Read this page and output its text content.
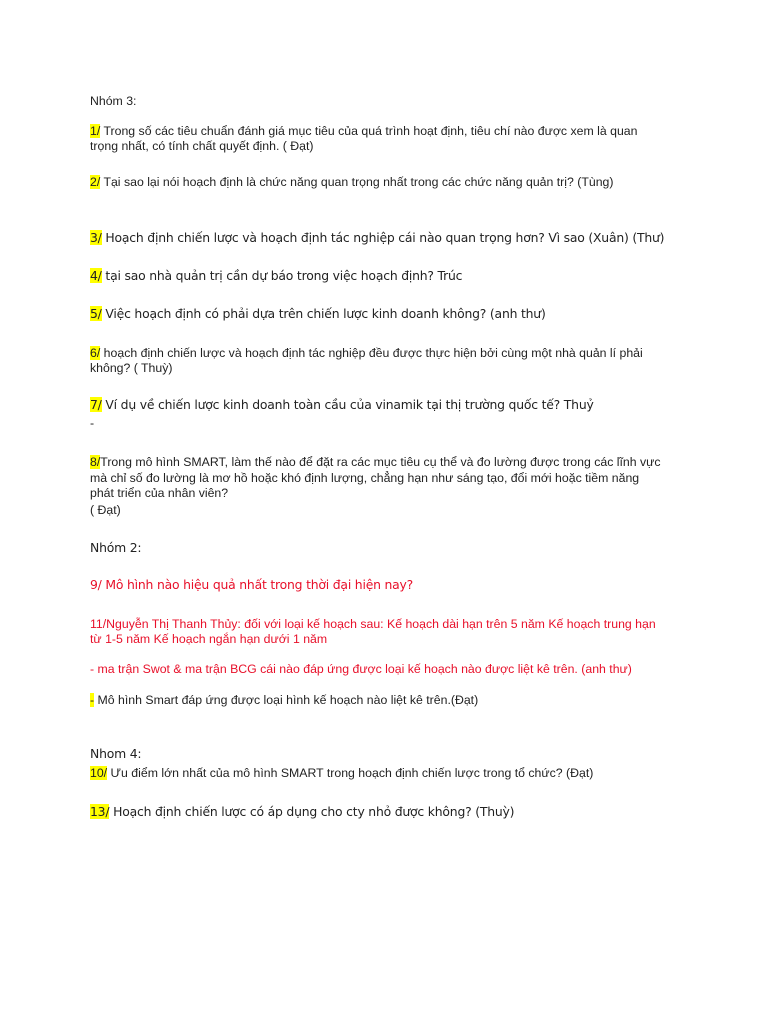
Nhóm 3:
1/ Trong số các tiêu chuẩn đánh giá mục tiêu của quá trình hoạt định, tiêu chí nào được xem là quan
trọng nhất, có tính chất quyết định. ( Đạt)
2/ Tại sao lại nói hoạch định là chức năng quan trọng nhất trong các chức năng quản trị? (Tùng)
3/ Hoạch định chiến lược và hoạch định tác nghiệp cái nào quan trọng hơn? Vì sao (Xuân) (Thư)
4/ tại sao nhà quản trị cần dự báo trong việc hoạch định? Trúc
5/ Việc hoạch định có phải dựa trên chiến lược kinh doanh không? (anh thư)
6/ hoạch định chiến lược và hoạch định tác nghiệp đều được thực hiện bởi cùng một nhà quản lí phải
không? ( Thuỳ)
7/ Ví dụ về chiến lược kinh doanh toàn cầu của vinamik tại thị trường quốc tế? Thuỷ
-
8/Trong mô hình SMART, làm thế nào để đặt ra các mục tiêu cụ thể và đo lường được trong các lĩnh vực
mà chỉ số đo lường là mơ hồ hoặc khó định lượng, chẳng hạn như sáng tạo, đổi mới hoặc tiềm năng
phát triển của nhân viên?
( Đạt)
Nhóm 2:
9/ Mô hình nào hiệu quả nhất trong thời đại hiện nay?
11/Nguyễn Thị Thanh Thủy: đối với loại kế hoạch sau: Kế hoạch dài hạn trên 5 năm Kế hoạch trung hạn
từ 1-5 năm Kế hoạch ngắn hạn dưới 1 năm
- ma trận Swot & ma trận BCG cái nào đáp ứng được loại kế hoạch nào được liệt kê trên. (anh thư)
- Mô hình Smart đáp ứng được loại hình kế hoạch nào liệt kê trên.(Đạt)
Nhom 4:
10/ Ưu điểm lớn nhất của mô hình SMART trong hoạch định chiến lược trong tổ chức? (Đạt)
13/ Hoạch định chiến lược có áp dụng cho cty nhỏ được không? (Thuỳ)
